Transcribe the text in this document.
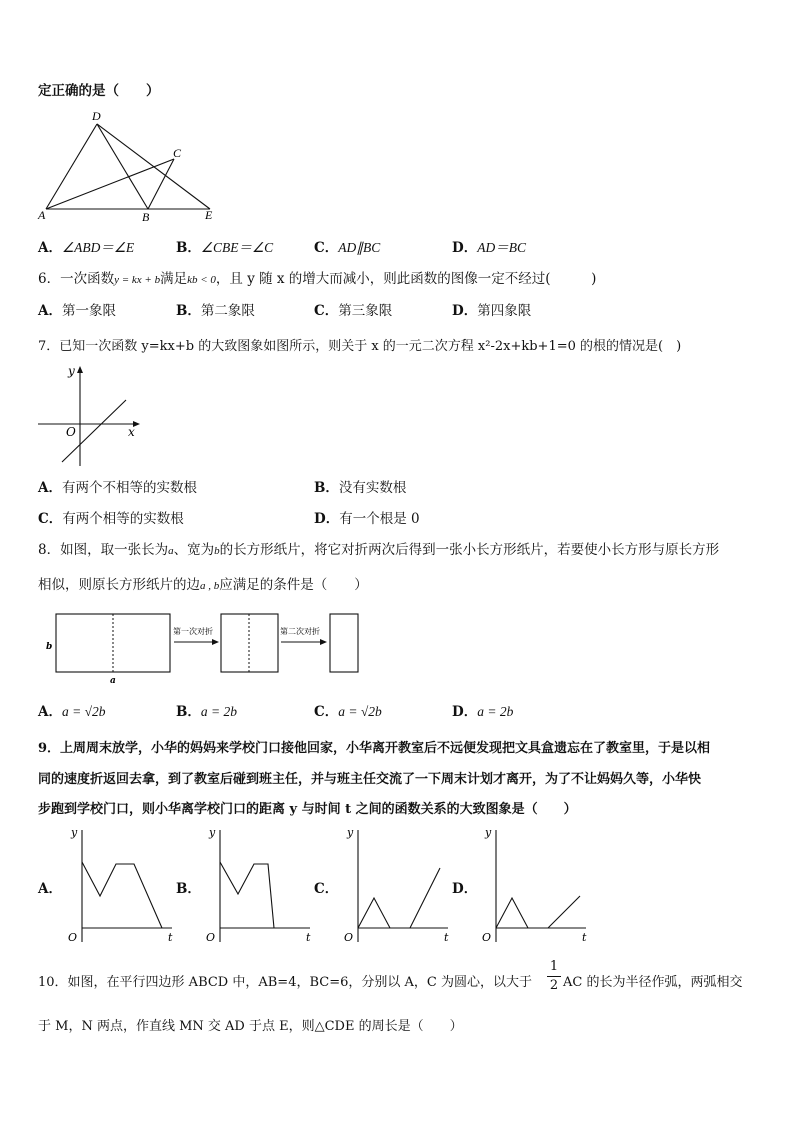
定正确的是（　　）
D
C
A	B	E
A．∠ABD＝∠E	B．∠CBE＝∠C	C．AD∥BC	D．AD＝BC
6．一次函数y = kx + b满足kb < 0，且 y 随 x 的增大而减小，则此函数的图像一定不经过(　　　)
A．第一象限	B．第二象限	C．第三象限	D．第四象限
7．已知一次函数 y=kx+b 的大致图象如图所示，则关于 x 的一元二次方程 x²-2x+kb+1=0 的根的情况是(　)
y
O	x
A．有两个不相等的实数根	B．没有实数根
C．有两个相等的实数根	D．有一个根是 0
8．如图，取一张长为a、宽为b的长方形纸片，将它对折两次后得到一张小长方形纸片，若要使小长方形与原长方形
相似，则原长方形纸片的边a , b应满足的条件是（　　）
b
a
第一次对折	第二次对折
A．a = √2b	B．a = 2b	C．a = √2b	D．a = 2b
9．上周周末放学，小华的妈妈来学校门口接他回家，小华离开教室后不远便发现把文具盒遗忘在了教室里，于是以相
同的速度折返回去拿，到了教室后碰到班主任，并与班主任交流了一下周末计划才离开，为了不让妈妈久等，小华快
步跑到学校门口，则小华离学校门口的距离 y 与时间 t 之间的函数关系的大致图象是（　　）
A．
y
O	t
B．
y
O	t
C．
y
O	t
D．
y
O	t
10．如图，在平行四边形 ABCD 中，AB=4，BC=6，分别以 A，C 为圆心，以大于
1
2 AC 的长为半径作弧，两弧相交
于 M，N 两点，作直线 MN 交 AD 于点 E，则△CDE 的周长是（　　）
